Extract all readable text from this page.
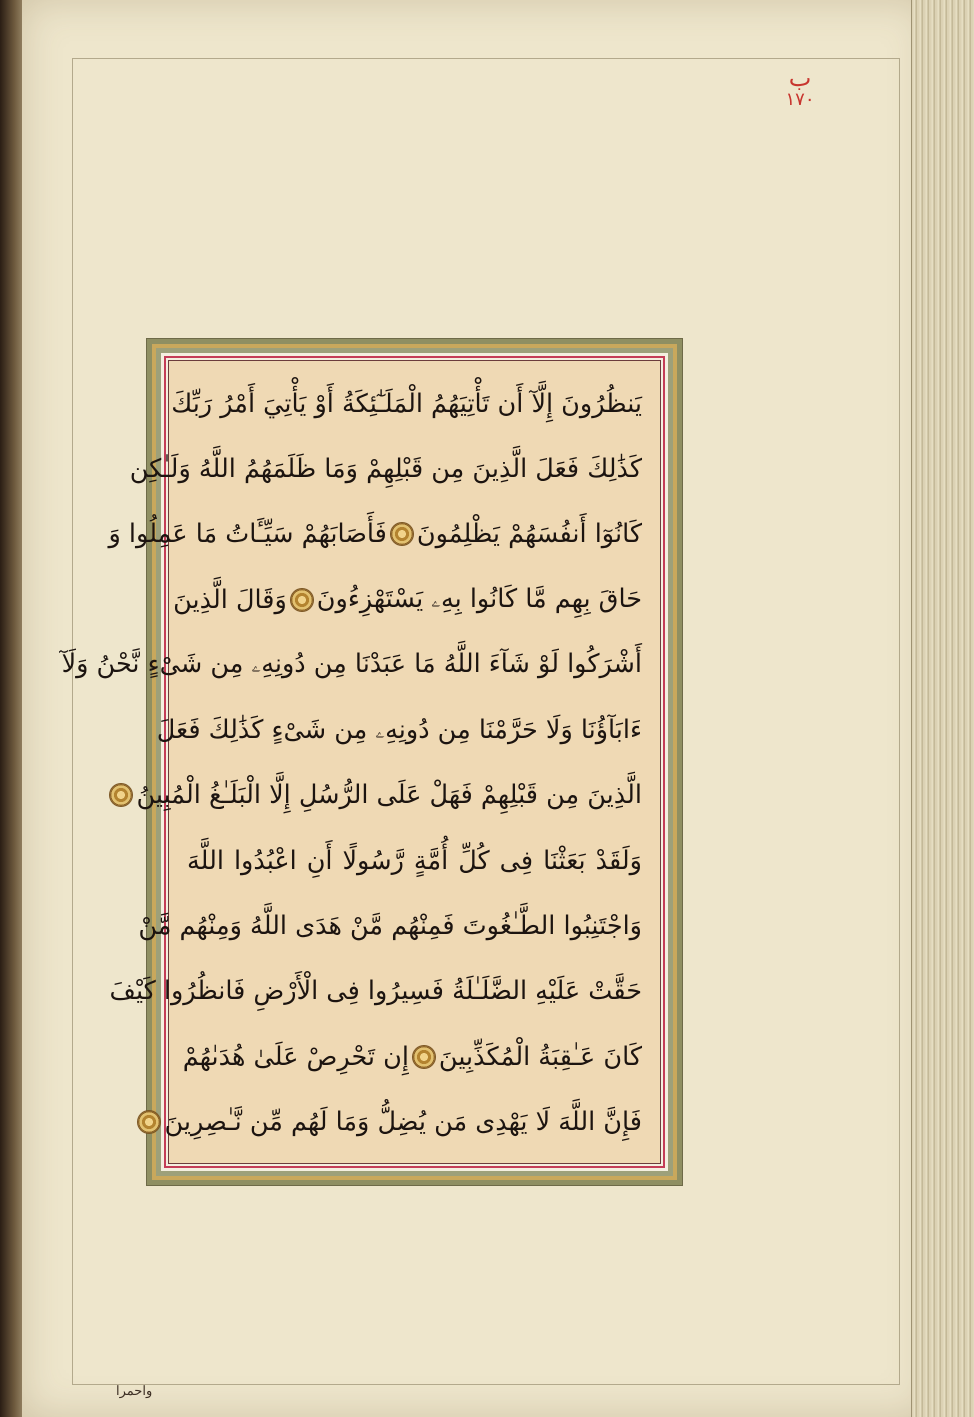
ب
١٧٠
يَنظُرُونَ إِلَّآ أَن تَأْتِيَهُمُ الْمَلَـٰٓئِكَةُ أَوْ يَأْتِيَ أَمْرُ رَبِّكَ
كَذَٰلِكَ فَعَلَ الَّذِينَ مِن قَبْلِهِمْ وَمَا ظَلَمَهُمُ اللَّهُ وَلَـٰكِن
كَانُوٓا أَنفُسَهُمْ يَظْلِمُونَ
فَأَصَابَهُمْ سَيِّـَٔاتُ مَا عَمِلُوا وَ
حَاقَ بِهِم مَّا كَانُوا بِهِۦ يَسْتَهْزِءُونَ
وَقَالَ الَّذِينَ
أَشْرَكُوا لَوْ شَآءَ اللَّهُ مَا عَبَدْنَا مِن دُونِهِۦ مِن شَىْءٍ نَّحْنُ وَلَآ
ءَابَآؤُنَا وَلَا حَرَّمْنَا مِن دُونِهِۦ مِن شَىْءٍ كَذَٰلِكَ فَعَلَ
الَّذِينَ مِن قَبْلِهِمْ فَهَلْ عَلَى الرُّسُلِ إِلَّا الْبَلَـٰغُ الْمُبِينُ
وَلَقَدْ بَعَثْنَا فِى كُلِّ أُمَّةٍ رَّسُولًا أَنِ اعْبُدُوا اللَّهَ
وَاجْتَنِبُوا الطَّـٰغُوتَ فَمِنْهُم مَّنْ هَدَى اللَّهُ وَمِنْهُم مَّنْ
حَقَّتْ عَلَيْهِ الضَّلَـٰلَةُ فَسِيرُوا فِى الْأَرْضِ فَانظُرُوا كَيْفَ
كَانَ عَـٰقِبَةُ الْمُكَذِّبِينَ
إِن تَحْرِصْ عَلَىٰ هُدَىٰهُمْ
فَإِنَّ اللَّهَ لَا يَهْدِى مَن يُضِلُّ وَمَا لَهُم مِّن نَّـٰصِرِينَ
واحمرا
